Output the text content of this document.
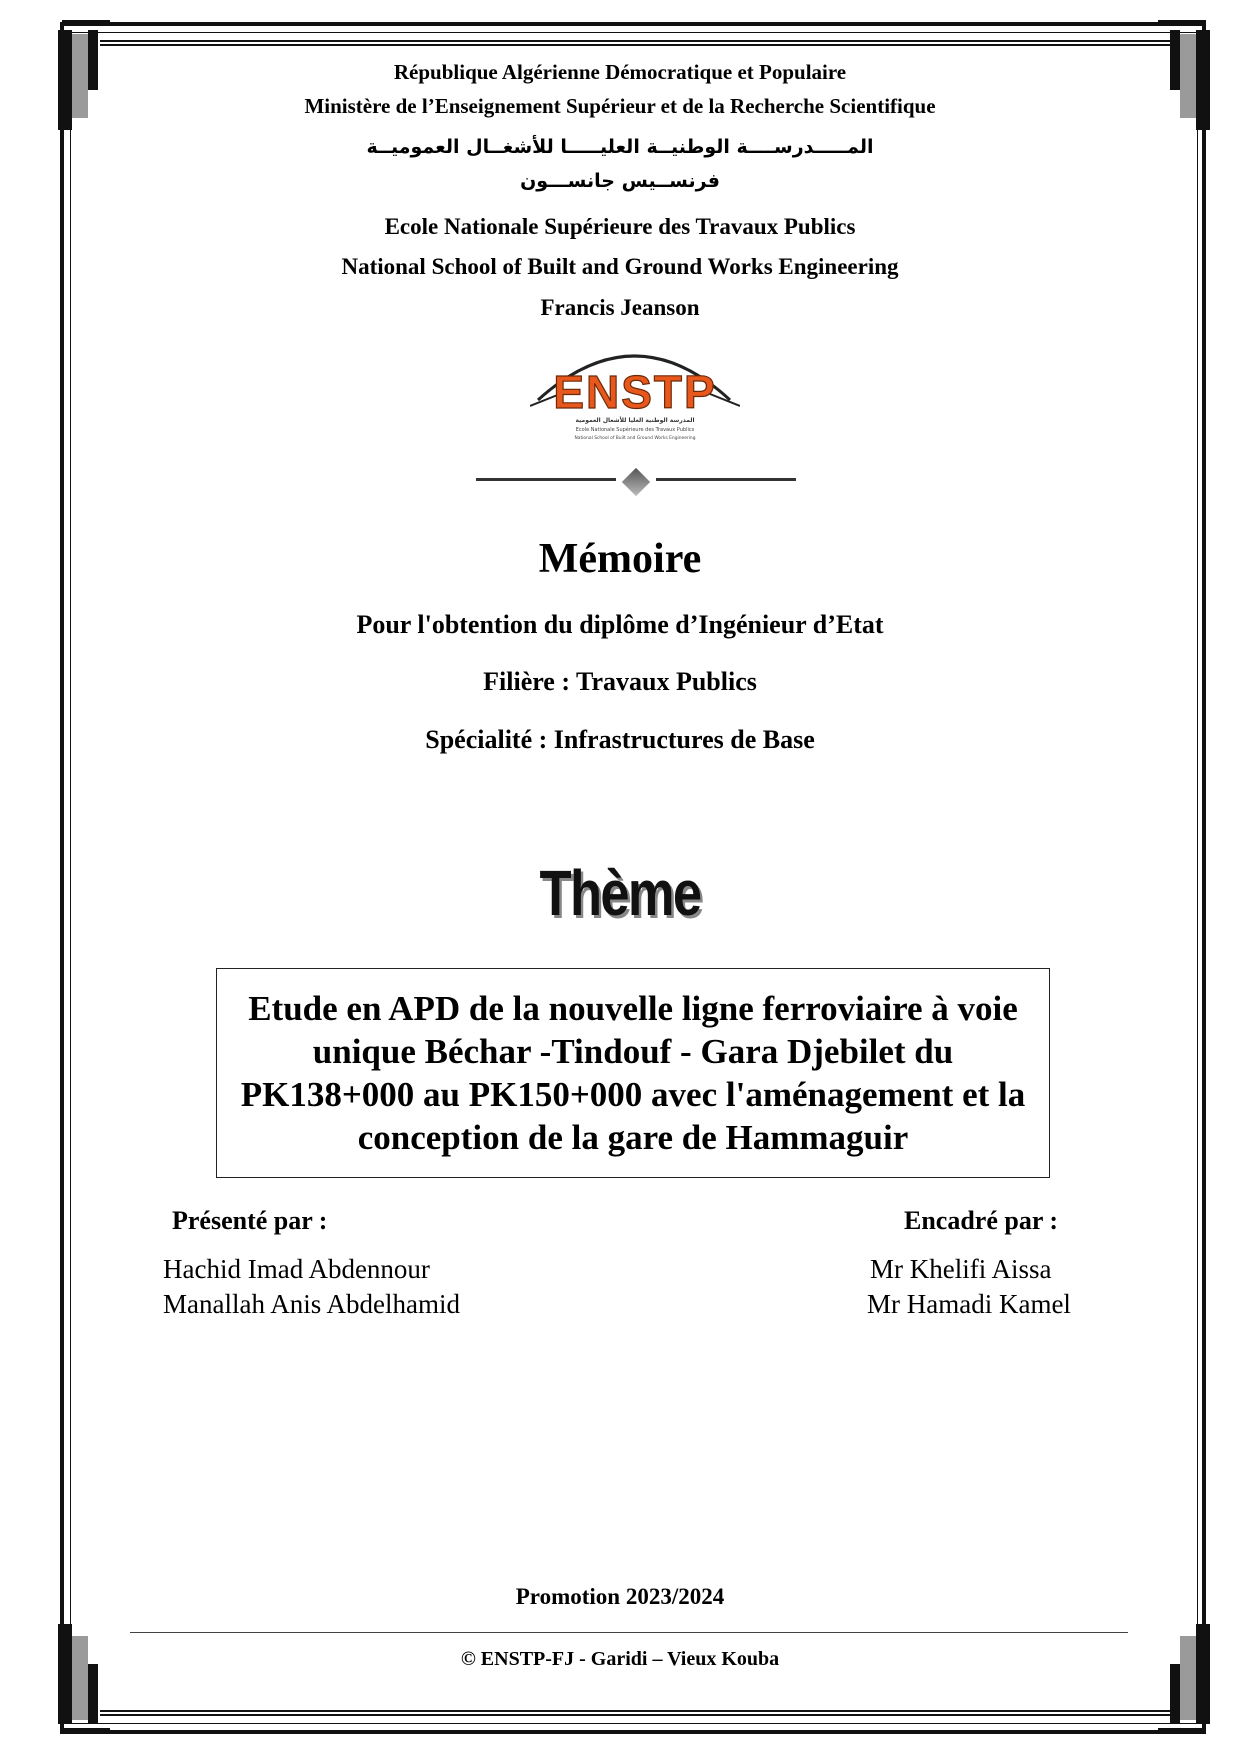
République Algérienne Démocratique et Populaire
Ministère de l’Enseignement Supérieur et de la Recherche Scientifique
المـــــدرســــة الوطنيــة العليـــــا للأشغــال العموميــة
فرنســيس جانســـون
Ecole Nationale Supérieure des Travaux Publics
National School of Built and Ground Works Engineering
Francis Jeanson
ENSTP
المدرسة الوطنية العليا للأشغال العمومية
Ecole Nationale Supérieure des Travaux Publics
National School of Built and Ground Works Engineering
Mémoire
Pour l'obtention du diplôme d’Ingénieur d’Etat
Filière : Travaux Publics
Spécialité : Infrastructures de Base
Thème

Etude en APD de la nouvelle ligne ferroviaire à voie unique Béchar -Tindouf - Gara Djebilet du PK138+000 au PK150+000 avec l'aménagement et la conception de la gare de Hammaguir

Présenté par :
Hachid Imad Abdennour
Manallah Anis Abdelhamid
Encadré par :
Mr Khelifi Aissa
Mr Hamadi Kamel
Promotion 2023/2024
© ENSTP-FJ - Garidi – Vieux Kouba
